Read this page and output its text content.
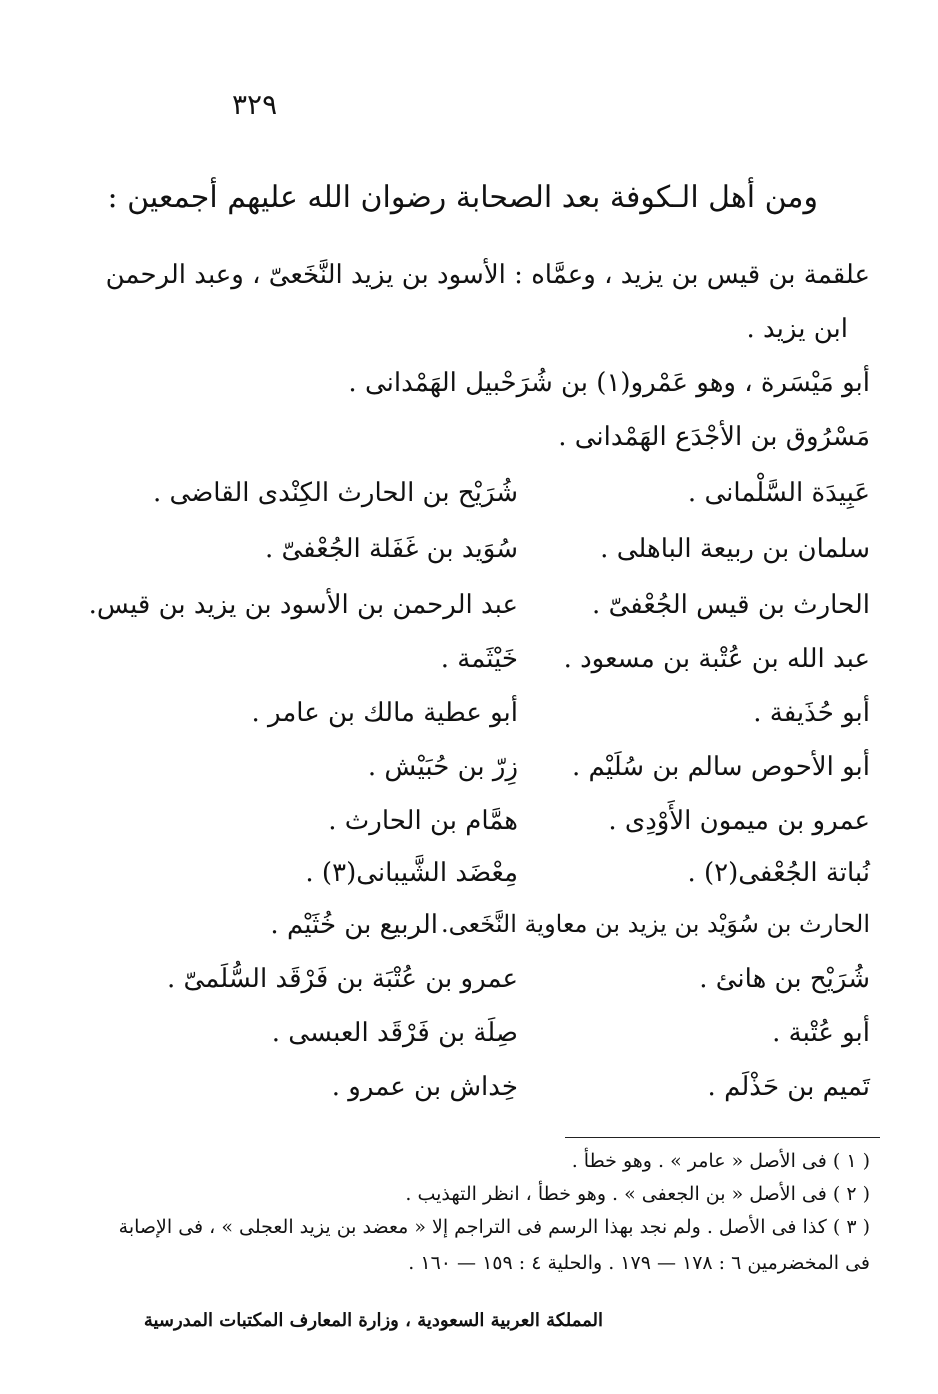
٣٢٩
ومن أهل الـكوفة بعد الصحابة رضوان الله عليهم أجمعين :
علقمة بن قيس بن يزيد ، وعمَّاه : الأسود بن يزيد النَّخَعىّ ، وعبد الرحمن
ابن يزيد .
أبو مَيْسَرة ، وهو عَمْرو(١) بن شُرَحْبيل الهَمْدانى .
مَسْرُوق بن الأجْدَع الهَمْدانى .
عَبِيدَة السَّلْمانى .
شُرَيْح بن الحارث الكِنْدى القاضى .
سلمان بن ربيعة الباهلى .
سُوَيد بن غَفَلة الجُعْفىّ .
الحارث بن قيس الجُعْفىّ .
عبد الرحمن بن الأسود بن يزيد بن قيس.
عبد الله بن عُتْبة بن مسعود .
خَيْثَمة .
أبو حُذَيفة .
أبو عطية مالك بن عامر .
أبو الأحوص سالم بن سُلَيْم .
زِرّ بن حُبَيْش .
عمرو بن ميمون الأَوْدِى .
همَّام بن الحارث .
نُباتة الجُعْفى(٢) .
مِعْضَد الشَّيبانى(٣) .
الحارث بن سُوَيْد بن يزيد بن معاوية النَّخَعى.
الربيع بن خُثَيْم .
شُرَيْح بن هانئ .
عمرو بن عُتْبَة بن فَرْقَد السُّلَمىّ .
أبو عُتْبة .
صِلَة بن فَرْقَد العبسى .
تَميم بن حَذْلَم .
خِداش بن عمرو .
( ١ ) فى الأصل « عامر » . وهو خطأ .
( ٢ ) فى الأصل « بن الجعفى » . وهو خطأ ، انظر التهذيب .
( ٣ ) كذا فى الأصل . ولم نجد بهذا الرسم فى التراجم إلا « معضد بن يزيد العجلى » ، فى الإصابة
فى المخضرمين ٦ : ١٧٨ — ١٧٩ . والحلية ٤ : ١٥٩ — ١٦٠ .
المملكة العربية السعودية ، وزارة المعارف المكتبات المدرسية
